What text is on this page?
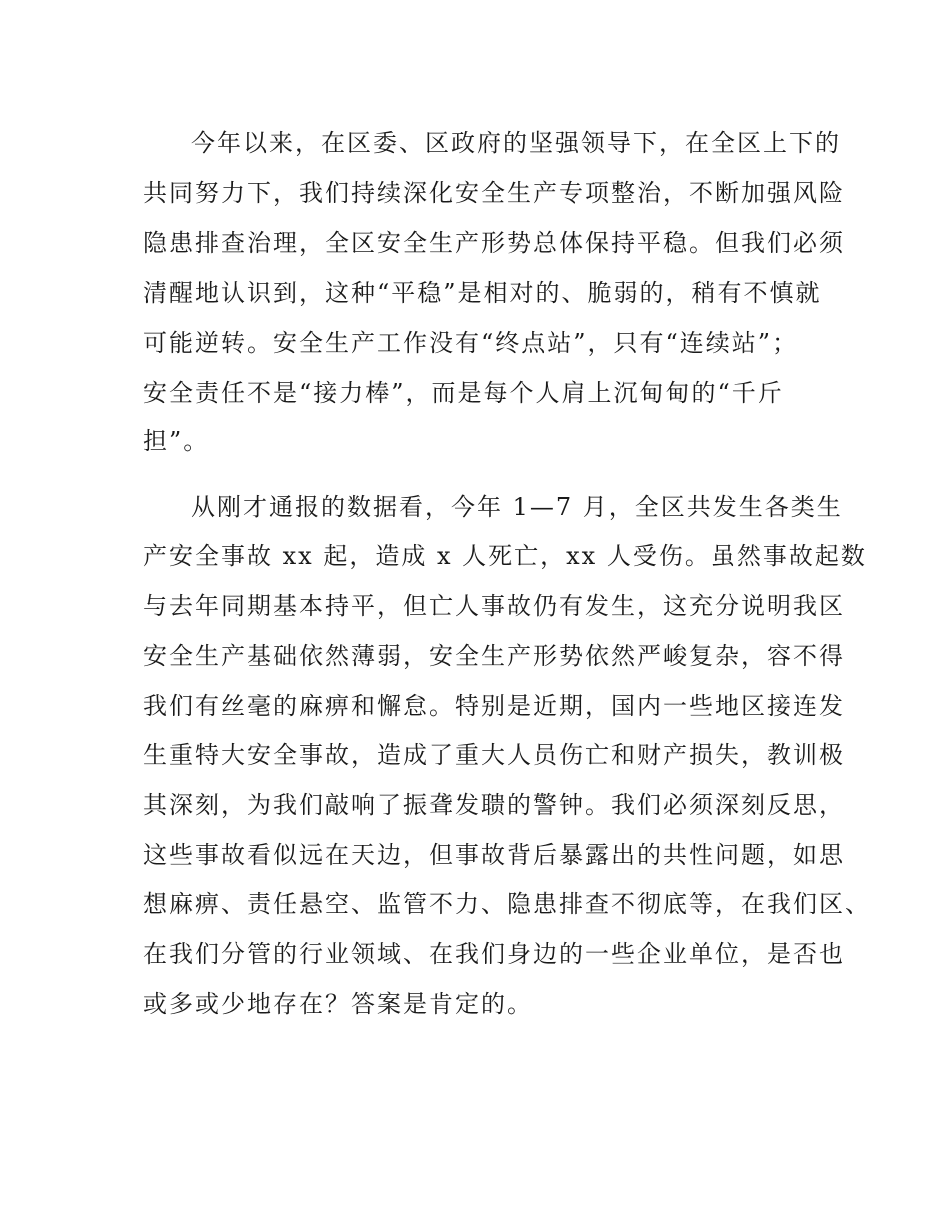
今年以来，在区委、区政府的坚强领导下，在全区上下的
共同努力下，我们持续深化安全生产专项整治，不断加强风险
隐患排查治理，全区安全生产形势总体保持平稳。但我们必须
清醒地认识到，这种“平稳”是相对的、脆弱的，稍有不慎就
可能逆转。安全生产工作没有“终点站”，只有“连续站”；
安全责任不是“接力棒”，而是每个人肩上沉甸甸的“千斤
担”。
从刚才通报的数据看，今年 1—7 月，全区共发生各类生
产安全事故 xx 起，造成 x 人死亡，xx 人受伤。虽然事故起数
与去年同期基本持平，但亡人事故仍有发生，这充分说明我区
安全生产基础依然薄弱，安全生产形势依然严峻复杂，容不得
我们有丝毫的麻痹和懈怠。特别是近期，国内一些地区接连发
生重特大安全事故，造成了重大人员伤亡和财产损失，教训极
其深刻，为我们敲响了振聋发聩的警钟。我们必须深刻反思，
这些事故看似远在天边，但事故背后暴露出的共性问题，如思
想麻痹、责任悬空、监管不力、隐患排查不彻底等，在我们区、
在我们分管的行业领域、在我们身边的一些企业单位，是否也
或多或少地存在？答案是肯定的。
